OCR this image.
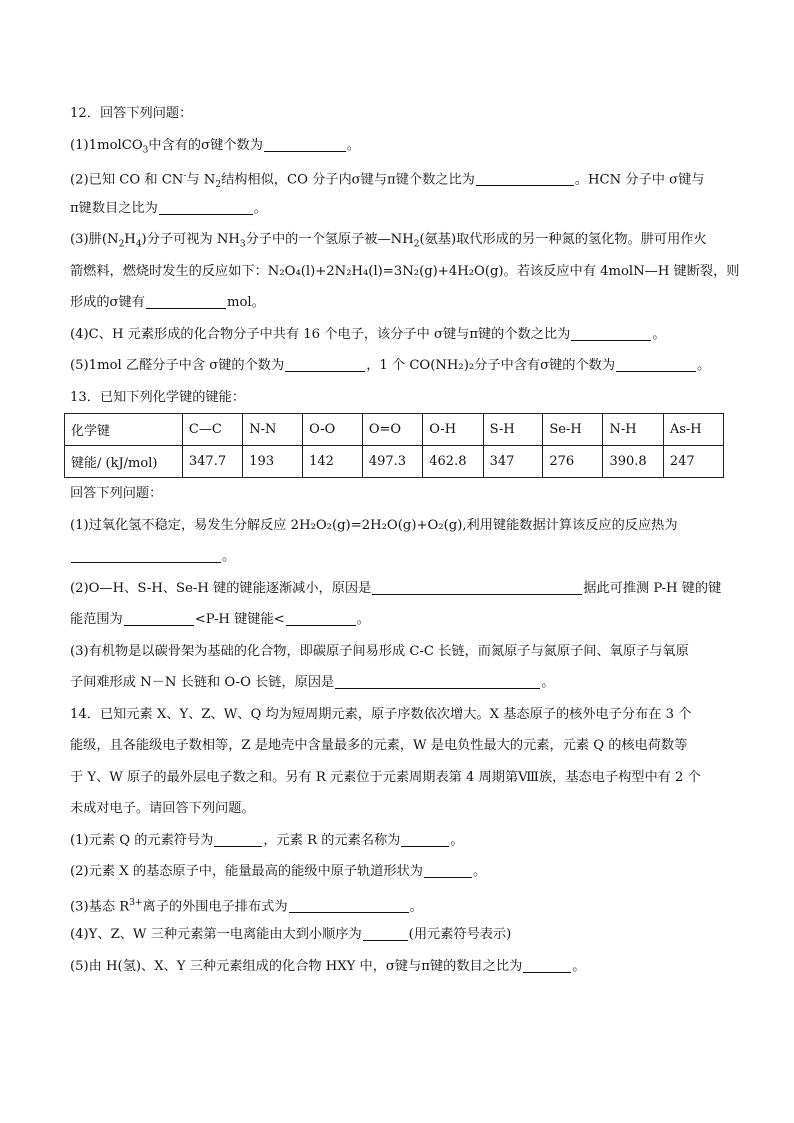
12．回答下列问题：
(1)1molCO$_3$中含有的σ键个数为	。
(2)已知 CO 和 CN-与 $N_2$结构相似，CO 分子内σ键与π键个数之比为	。HCN 分子中 σ键与
π键数目之比为	。
(3)肼$(N_2H_4)$分子可视为 $NH_3$分子中的一个氢原子被$—NH_2$(氨基)取代形成的另一种氮的氢化物。肼可用作火
箭燃料，燃烧时发生的反应如下：N₂O₄(l)+2N₂H₄(l)=3N₂(g)+4H₂O(g)。若该反应中有 4molN—H 键断裂，则
形成的σ键有	mol。
(4)C、H 元素形成的化合物分子中共有 16 个电子，该分子中 σ键与π键的个数之比为	。
(5)1mol 乙醛分子中含 σ键的个数为	，1 个 CO(NH₂)₂分子中含有σ键的个数为	。
13．已知下列化学键的键能：
化学键	C—C	N-N	O-O	O=O	O-H	S-H	Se-H	N-H	As-H
键能/ (kJ/mol)	347.7	193	142	497.3	462.8	347	276	390.8	247
回答下列问题：
(1)过氧化氢不稳定，易发生分解反应 2H₂O₂(g)=2H₂O(g)+O₂(g),利用键能数据计算该反应的反应热为
。
(2)O—H、S-H、Se-H 键的键能逐渐减小，原因是	据此可推测 P-H 键的键
能范围为	<P-H 键键能<	。
(3)有机物是以碳骨架为基础的化合物，即碳原子间易形成 C-C 长链，而氮原子与氮原子间、氧原子与氧原
子间难形成 N－N 长链和 O-O 长链，原因是	。
14．已知元素 X、Y、Z、W、Q 均为短周期元素，原子序数依次增大。X 基态原子的核外电子分布在 3 个
能级，且各能级电子数相等，Z 是地壳中含量最多的元素，W 是电负性最大的元素，元素 Q 的核电荷数等
于 Y、W 原子的最外层电子数之和。另有 R 元素位于元素周期表第 4 周期第Ⅷ族，基态电子构型中有 2 个
未成对电子。请回答下列问题。
(1)元素 Q 的元素符号为	，元素 R 的元素名称为	。
(2)元素 X 的基态原子中，能量最高的能级中原子轨道形状为	。
(3)基态 $R^{3+}$离子的外围电子排布式为	。
(4)Y、Z、W 三种元素第一电离能由大到小顺序为	(用元素符号表示)
(5)由 H(氢)、X、Y 三种元素组成的化合物 HXY 中，σ键与π键的数目之比为	。
